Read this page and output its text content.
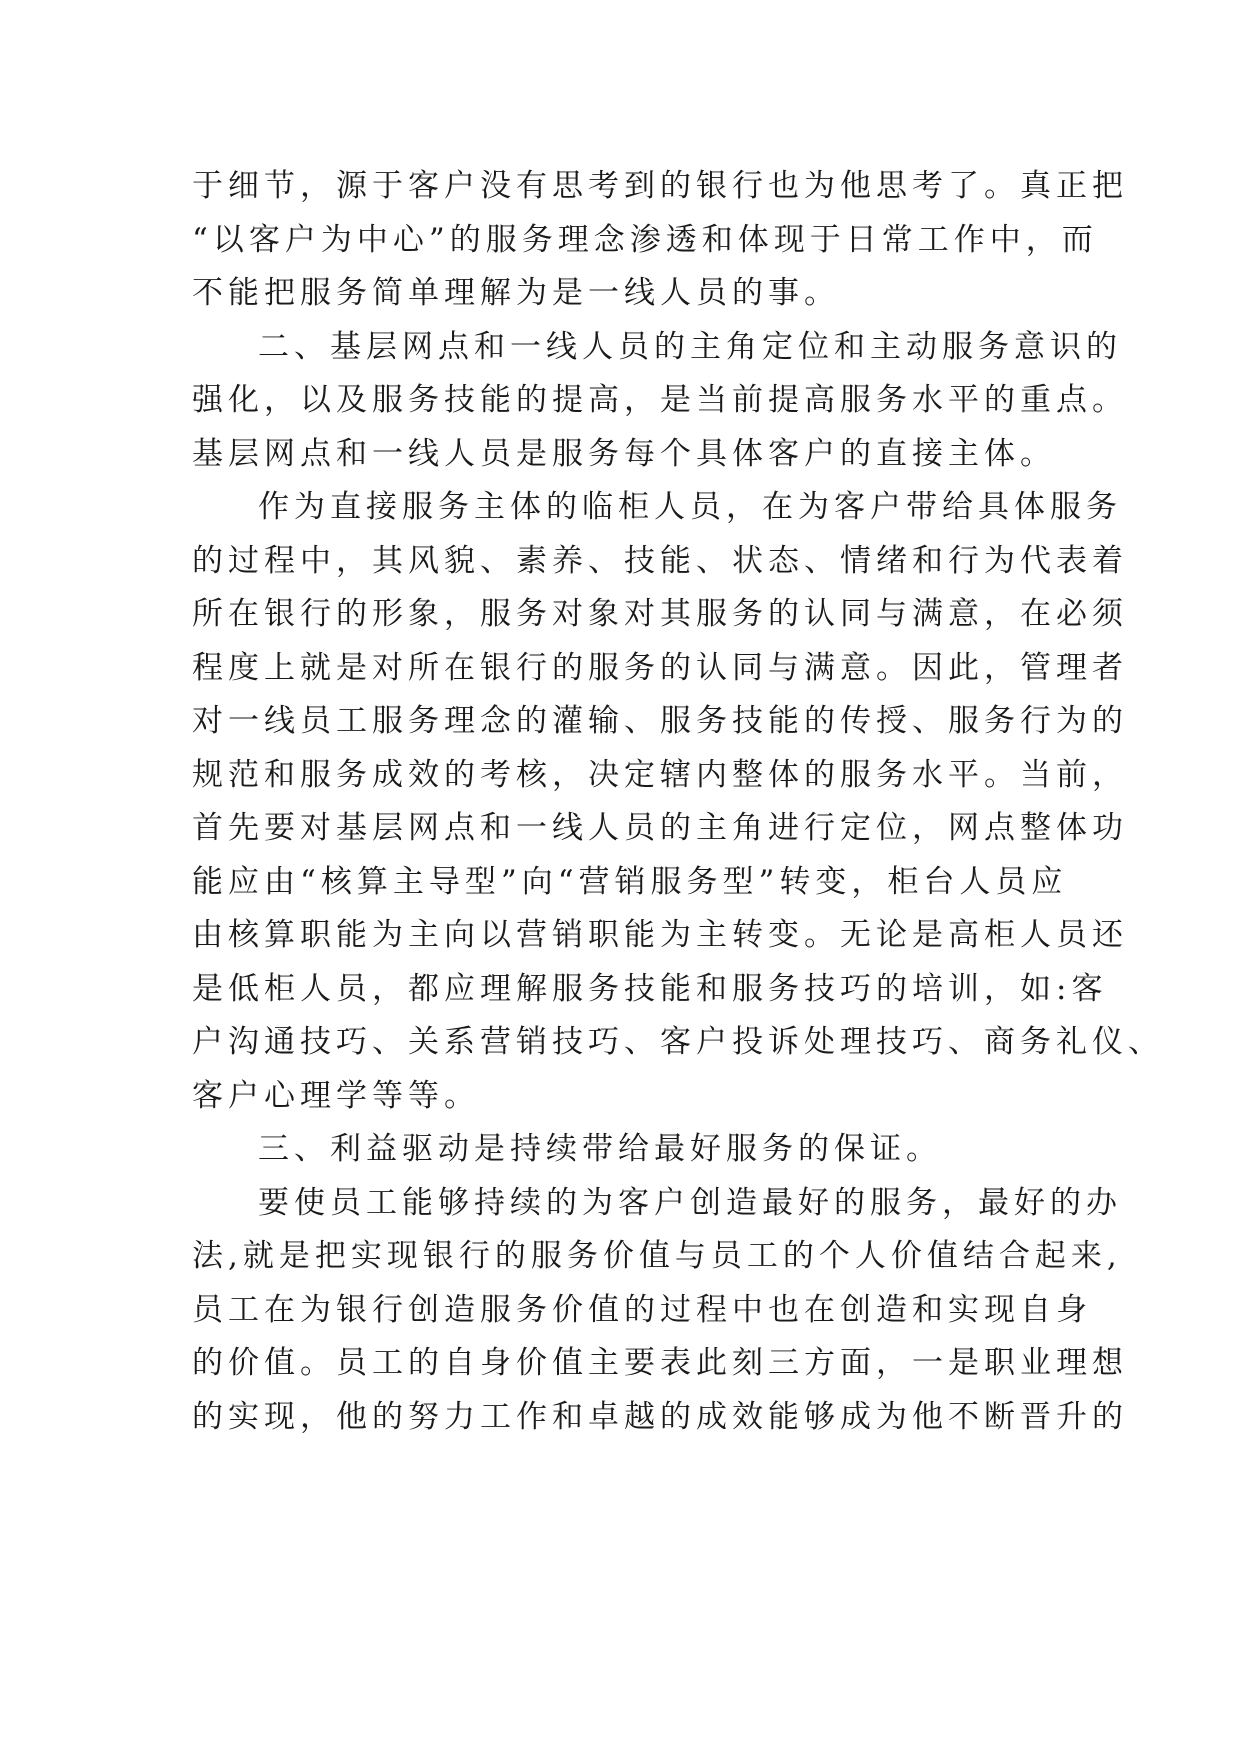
于细节，源于客户没有思考到的银行也为他思考了。真正把
“以客户为中心”的服务理念渗透和体现于日常工作中，而
不能把服务简单理解为是一线人员的事。
二、基层网点和一线人员的主角定位和主动服务意识的
强化，以及服务技能的提高，是当前提高服务水平的重点。
基层网点和一线人员是服务每个具体客户的直接主体。
作为直接服务主体的临柜人员，在为客户带给具体服务
的过程中，其风貌、素养、技能、状态、情绪和行为代表着
所在银行的形象，服务对象对其服务的认同与满意，在必须
程度上就是对所在银行的服务的认同与满意。因此，管理者
对一线员工服务理念的灌输、服务技能的传授、服务行为的
规范和服务成效的考核，决定辖内整体的服务水平。当前，
首先要对基层网点和一线人员的主角进行定位，网点整体功
能应由“核算主导型”向“营销服务型”转变，柜台人员应
由核算职能为主向以营销职能为主转变。无论是高柜人员还
是低柜人员，都应理解服务技能和服务技巧的培训，如:客
户沟通技巧、关系营销技巧、客户投诉处理技巧、商务礼仪、
客户心理学等等。
三、利益驱动是持续带给最好服务的保证。
要使员工能够持续的为客户创造最好的服务，最好的办
法,就是把实现银行的服务价值与员工的个人价值结合起来,
员工在为银行创造服务价值的过程中也在创造和实现自身
的价值。员工的自身价值主要表此刻三方面，一是职业理想
的实现，他的努力工作和卓越的成效能够成为他不断晋升的
